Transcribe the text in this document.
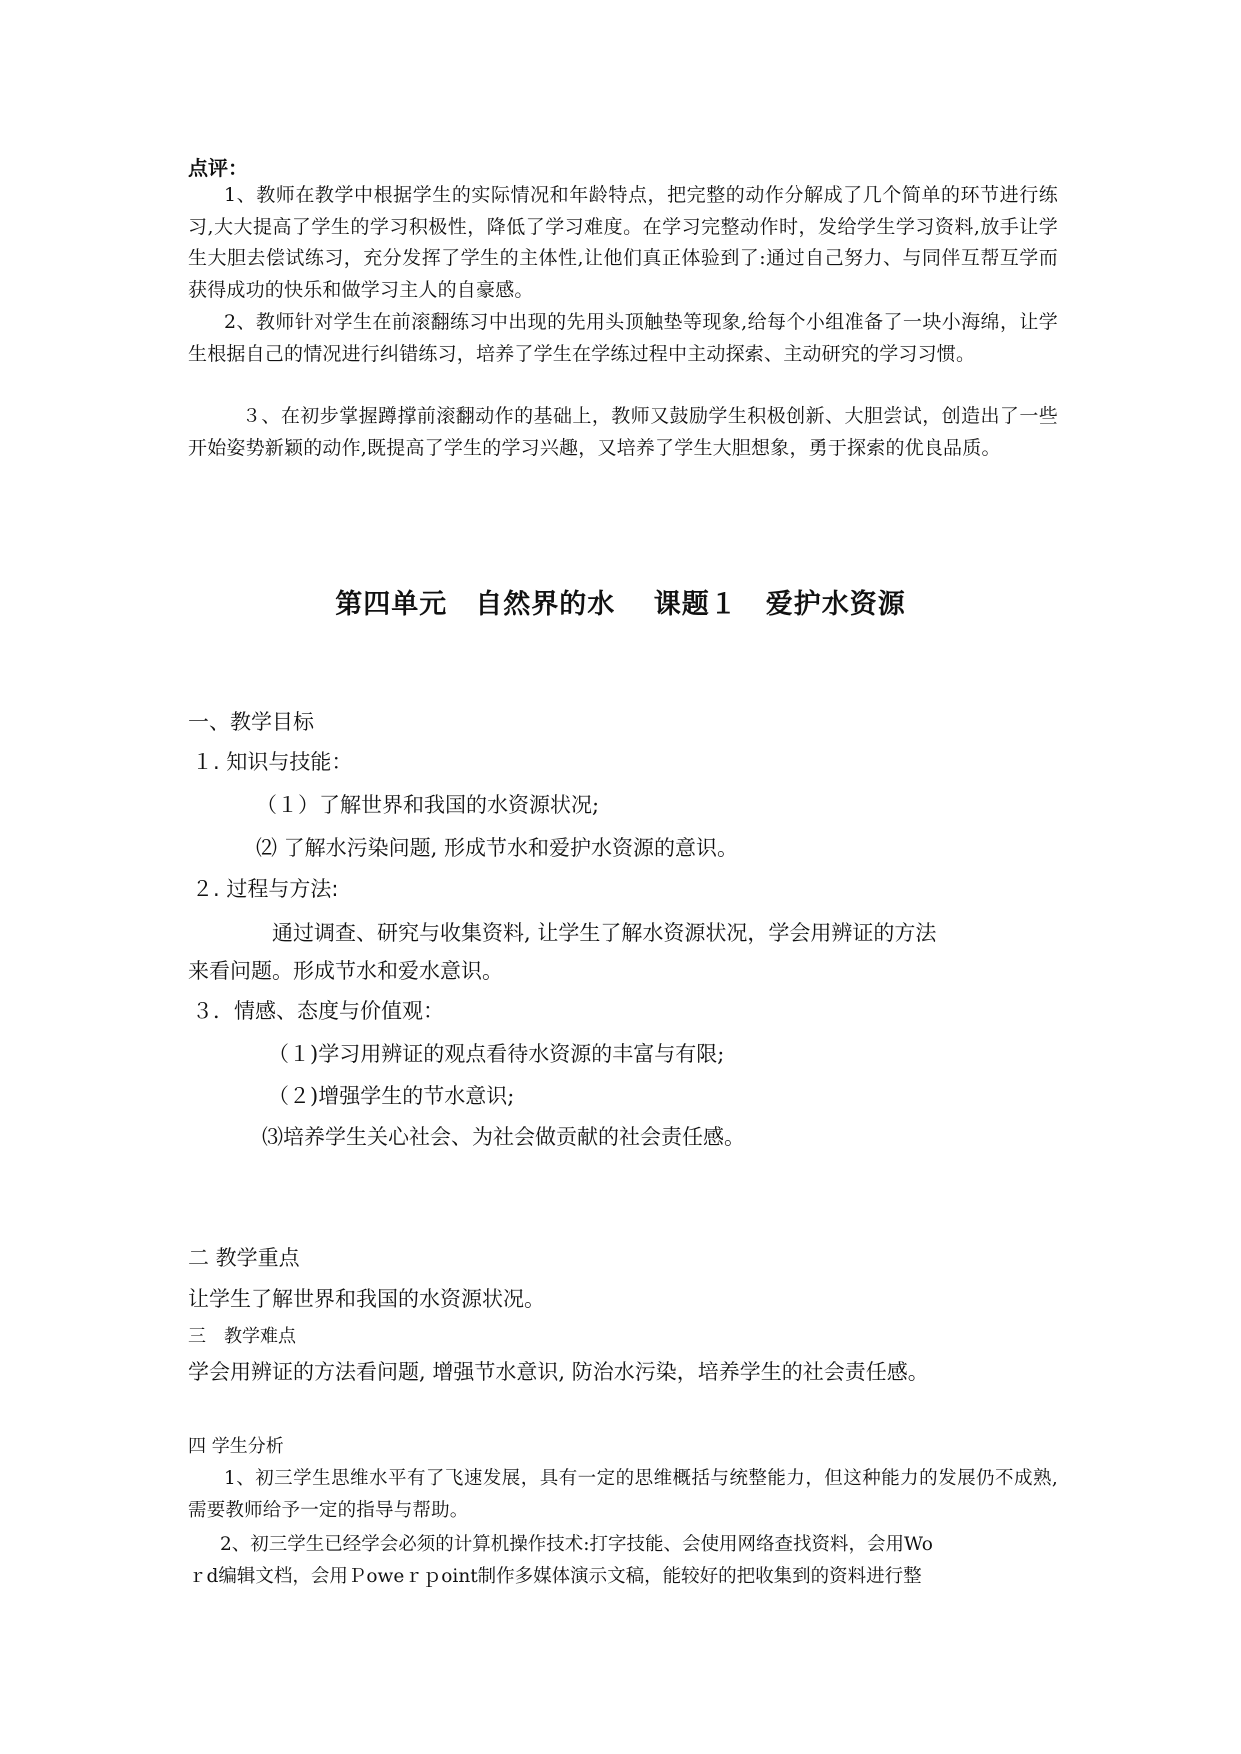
点评：

1、教师在教学中根据学生的实际情况和年龄特点，把完整的动作分解成了几个简单的环节进行练习,大大提高了学生的学习积极性，降低了学习难度。在学习完整动作时，发给学生学习资料,放手让学生大胆去偿试练习，充分发挥了学生的主体性,让他们真正体验到了:通过自己努力、与同伴互帮互学而获得成功的快乐和做学习主人的自豪感。

2、教师针对学生在前滚翻练习中出现的先用头顶触垫等现象,给每个小组准备了一块小海绵，让学生根据自己的情况进行纠错练习，培养了学生在学练过程中主动探索、主动研究的学习习惯。

３、在初步掌握蹲撑前滚翻动作的基础上，教师又鼓励学生积极创新、大胆尝试，创造出了一些开始姿势新颖的动作,既提高了学生的学习兴趣，又培养了学生大胆想象，勇于探索的优良品质。

第四单元　自然界的水　 课题１　爱护水资源
一、教学目标
１. 知识与技能：
（１）了解世界和我国的水资源状况;
⑵ 了解水污染问题, 形成节水和爱护水资源的意识。
２. 过程与方法:
通过调查、研究与收集资料, 让学生了解水资源状况，学会用辨证的方法
来看问题。形成节水和爱水意识。
３．情感、态度与价值观：
（１)学习用辨证的观点看待水资源的丰富与有限;
（２)增强学生的节水意识;
⑶培养学生关心社会、为社会做贡献的社会责任感。
二 教学重点
让学生了解世界和我国的水资源状况。
三　教学难点
学会用辨证的方法看问题, 增强节水意识, 防治水污染，培养学生的社会责任感。
四 学生分析

1、初三学生思维水平有了飞速发展，具有一定的思维概括与统整能力，但这种能力的发展仍不成熟,需要教师给予一定的指导与帮助。

2、初三学生已经学会必须的计算机操作技术:打字技能、会使用网络查找资料，会用Wo
ｒd编辑文档，会用Ｐoweｒｐoint制作多媒体演示文稿，能较好的把收集到的资料进行整
